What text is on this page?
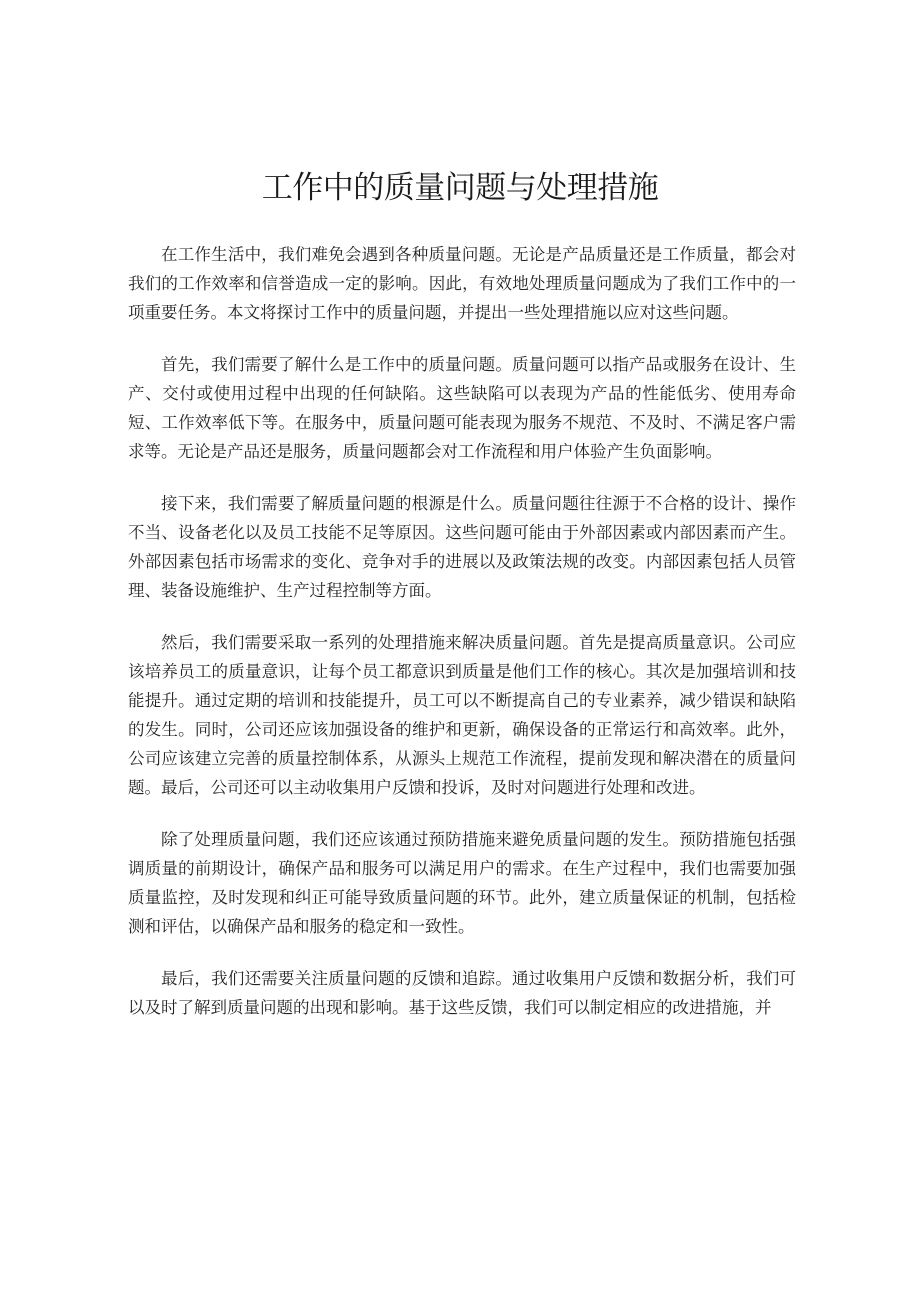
工作中的质量问题与处理措施

在工作生活中，我们难免会遇到各种质量问题。无论是产品质量还是工作质量，都会对我们的工作效率和信誉造成一定的影响。因此，有效地处理质量问题成为了我们工作中的一项重要任务。本文将探讨工作中的质量问题，并提出一些处理措施以应对这些问题。

首先，我们需要了解什么是工作中的质量问题。质量问题可以指产品或服务在设计、生产、交付或使用过程中出现的任何缺陷。这些缺陷可以表现为产品的性能低劣、使用寿命短、工作效率低下等。在服务中，质量问题可能表现为服务不规范、不及时、不满足客户需求等。无论是产品还是服务，质量问题都会对工作流程和用户体验产生负面影响。

接下来，我们需要了解质量问题的根源是什么。质量问题往往源于不合格的设计、操作不当、设备老化以及员工技能不足等原因。这些问题可能由于外部因素或内部因素而产生。外部因素包括市场需求的变化、竞争对手的进展以及政策法规的改变。内部因素包括人员管理、装备设施维护、生产过程控制等方面。

然后，我们需要采取一系列的处理措施来解决质量问题。首先是提高质量意识。公司应该培养员工的质量意识，让每个员工都意识到质量是他们工作的核心。其次是加强培训和技能提升。通过定期的培训和技能提升，员工可以不断提高自己的专业素养，减少错误和缺陷的发生。同时，公司还应该加强设备的维护和更新，确保设备的正常运行和高效率。此外，公司应该建立完善的质量控制体系，从源头上规范工作流程，提前发现和解决潜在的质量问题。最后，公司还可以主动收集用户反馈和投诉，及时对问题进行处理和改进。

除了处理质量问题，我们还应该通过预防措施来避免质量问题的发生。预防措施包括强调质量的前期设计，确保产品和服务可以满足用户的需求。在生产过程中，我们也需要加强质量监控，及时发现和纠正可能导致质量问题的环节。此外，建立质量保证的机制，包括检测和评估，以确保产品和服务的稳定和一致性。

最后，我们还需要关注质量问题的反馈和追踪。通过收集用户反馈和数据分析，我们可以及时了解到质量问题的出现和影响。基于这些反馈，我们可以制定相应的改进措施，并
